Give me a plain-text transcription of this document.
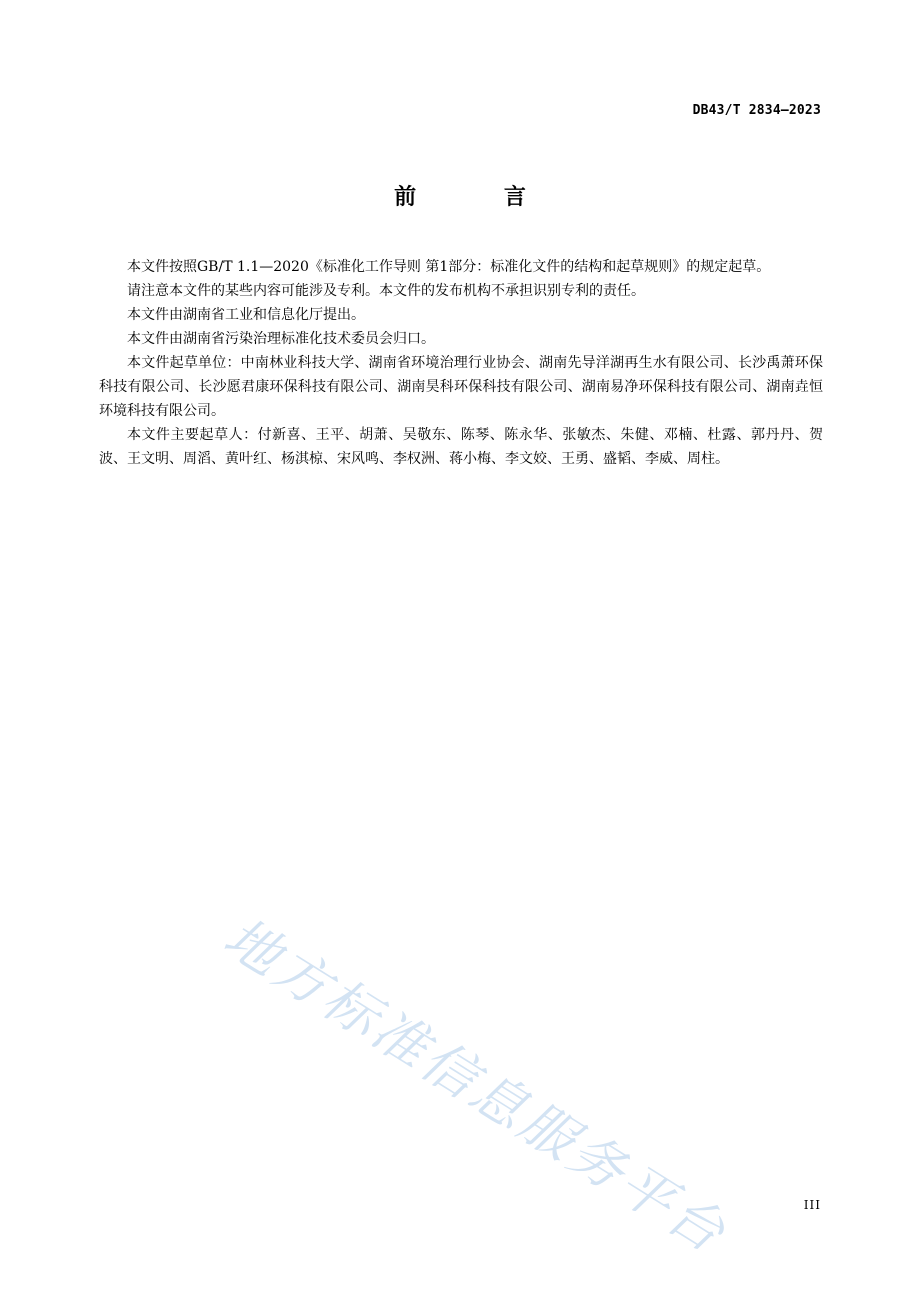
DB43/T 2834—2023
前 言

本文件按照GB/T 1.1—2020《标准化工作导则 第1部分：标准化文件的结构和起草规则》的规定起草。

请注意本文件的某些内容可能涉及专利。本文件的发布机构不承担识别专利的责任。

本文件由湖南省工业和信息化厅提出。

本文件由湖南省污染治理标准化技术委员会归口。

本文件起草单位：中南林业科技大学、湖南省环境治理行业协会、湖南先导洋湖再生水有限公司、长沙禹萧环保科技有限公司、长沙愿君康环保科技有限公司、湖南昊科环保科技有限公司、湖南易净环保科技有限公司、湖南垚恒环境科技有限公司。

本文件主要起草人：付新喜、王平、胡萧、吴敬东、陈琴、陈永华、张敏杰、朱健、邓楠、杜露、郭丹丹、贺波、王文明、周滔、黄叶红、杨淇椋、宋风鸣、李权洲、蒋小梅、李文姣、王勇、盛韬、李威、周柱。

地方标准信息服务平台	III
